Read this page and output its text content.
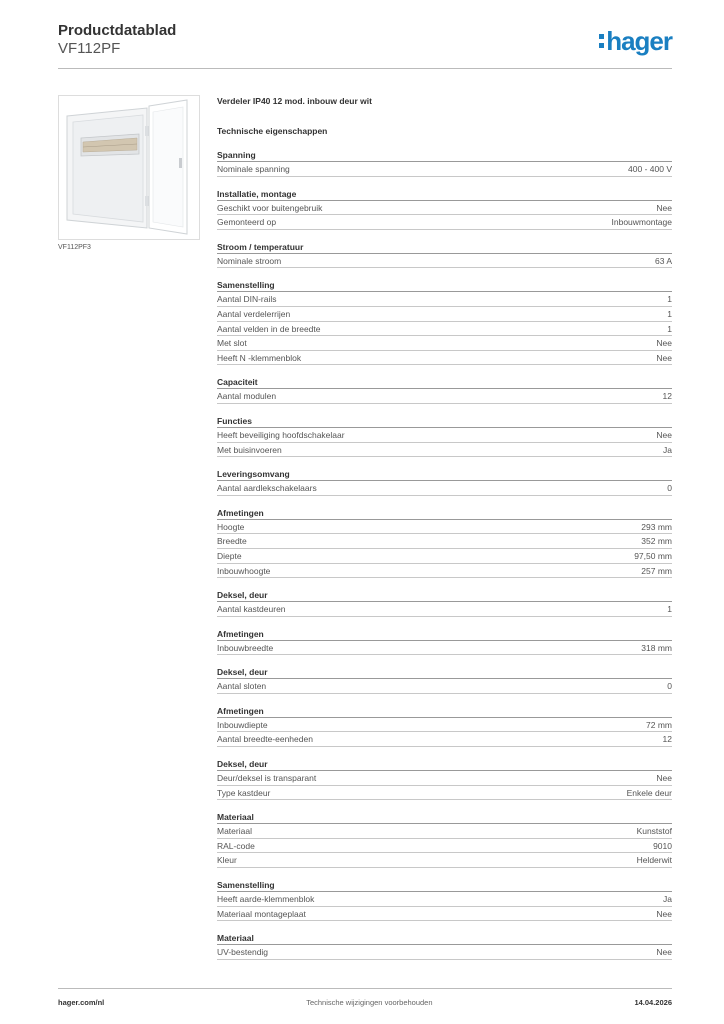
Productdatablad
VF112PF	hager
VF112PF3
Verdeler IP40 12 mod. inbouw deur wit
Technische eigenschappen
Spanning
Nominale spanning	400 - 400 V
Installatie, montage
Geschikt voor buitengebruik	Nee
Gemonteerd op	Inbouwmontage
Stroom / temperatuur
Nominale stroom	63 A
Samenstelling
Aantal DIN-rails	1
Aantal verdelerrijen	1
Aantal velden in de breedte	1
Met slot	Nee
Heeft N -klemmenblok	Nee
Capaciteit
Aantal modulen	12
Functies
Heeft beveiliging hoofdschakelaar	Nee
Met buisinvoeren	Ja
Leveringsomvang
Aantal aardlekschakelaars	0
Afmetingen
Hoogte	293 mm
Breedte	352 mm
Diepte	97,50 mm
Inbouwhoogte	257 mm
Deksel, deur
Aantal kastdeuren	1
Afmetingen
Inbouwbreedte	318 mm
Deksel, deur
Aantal sloten	0
Afmetingen
Inbouwdiepte	72 mm
Aantal breedte-eenheden	12
Deksel, deur
Deur/deksel is transparant	Nee
Type kastdeur	Enkele deur
Materiaal
Materiaal	Kunststof
RAL-code	9010
Kleur	Helderwit
Samenstelling
Heeft aarde-klemmenblok	Ja
Materiaal montageplaat	Nee
Materiaal
UV-bestendig	Nee
hager.com/nl	Technische wijzigingen voorbehouden	14.04.2026
